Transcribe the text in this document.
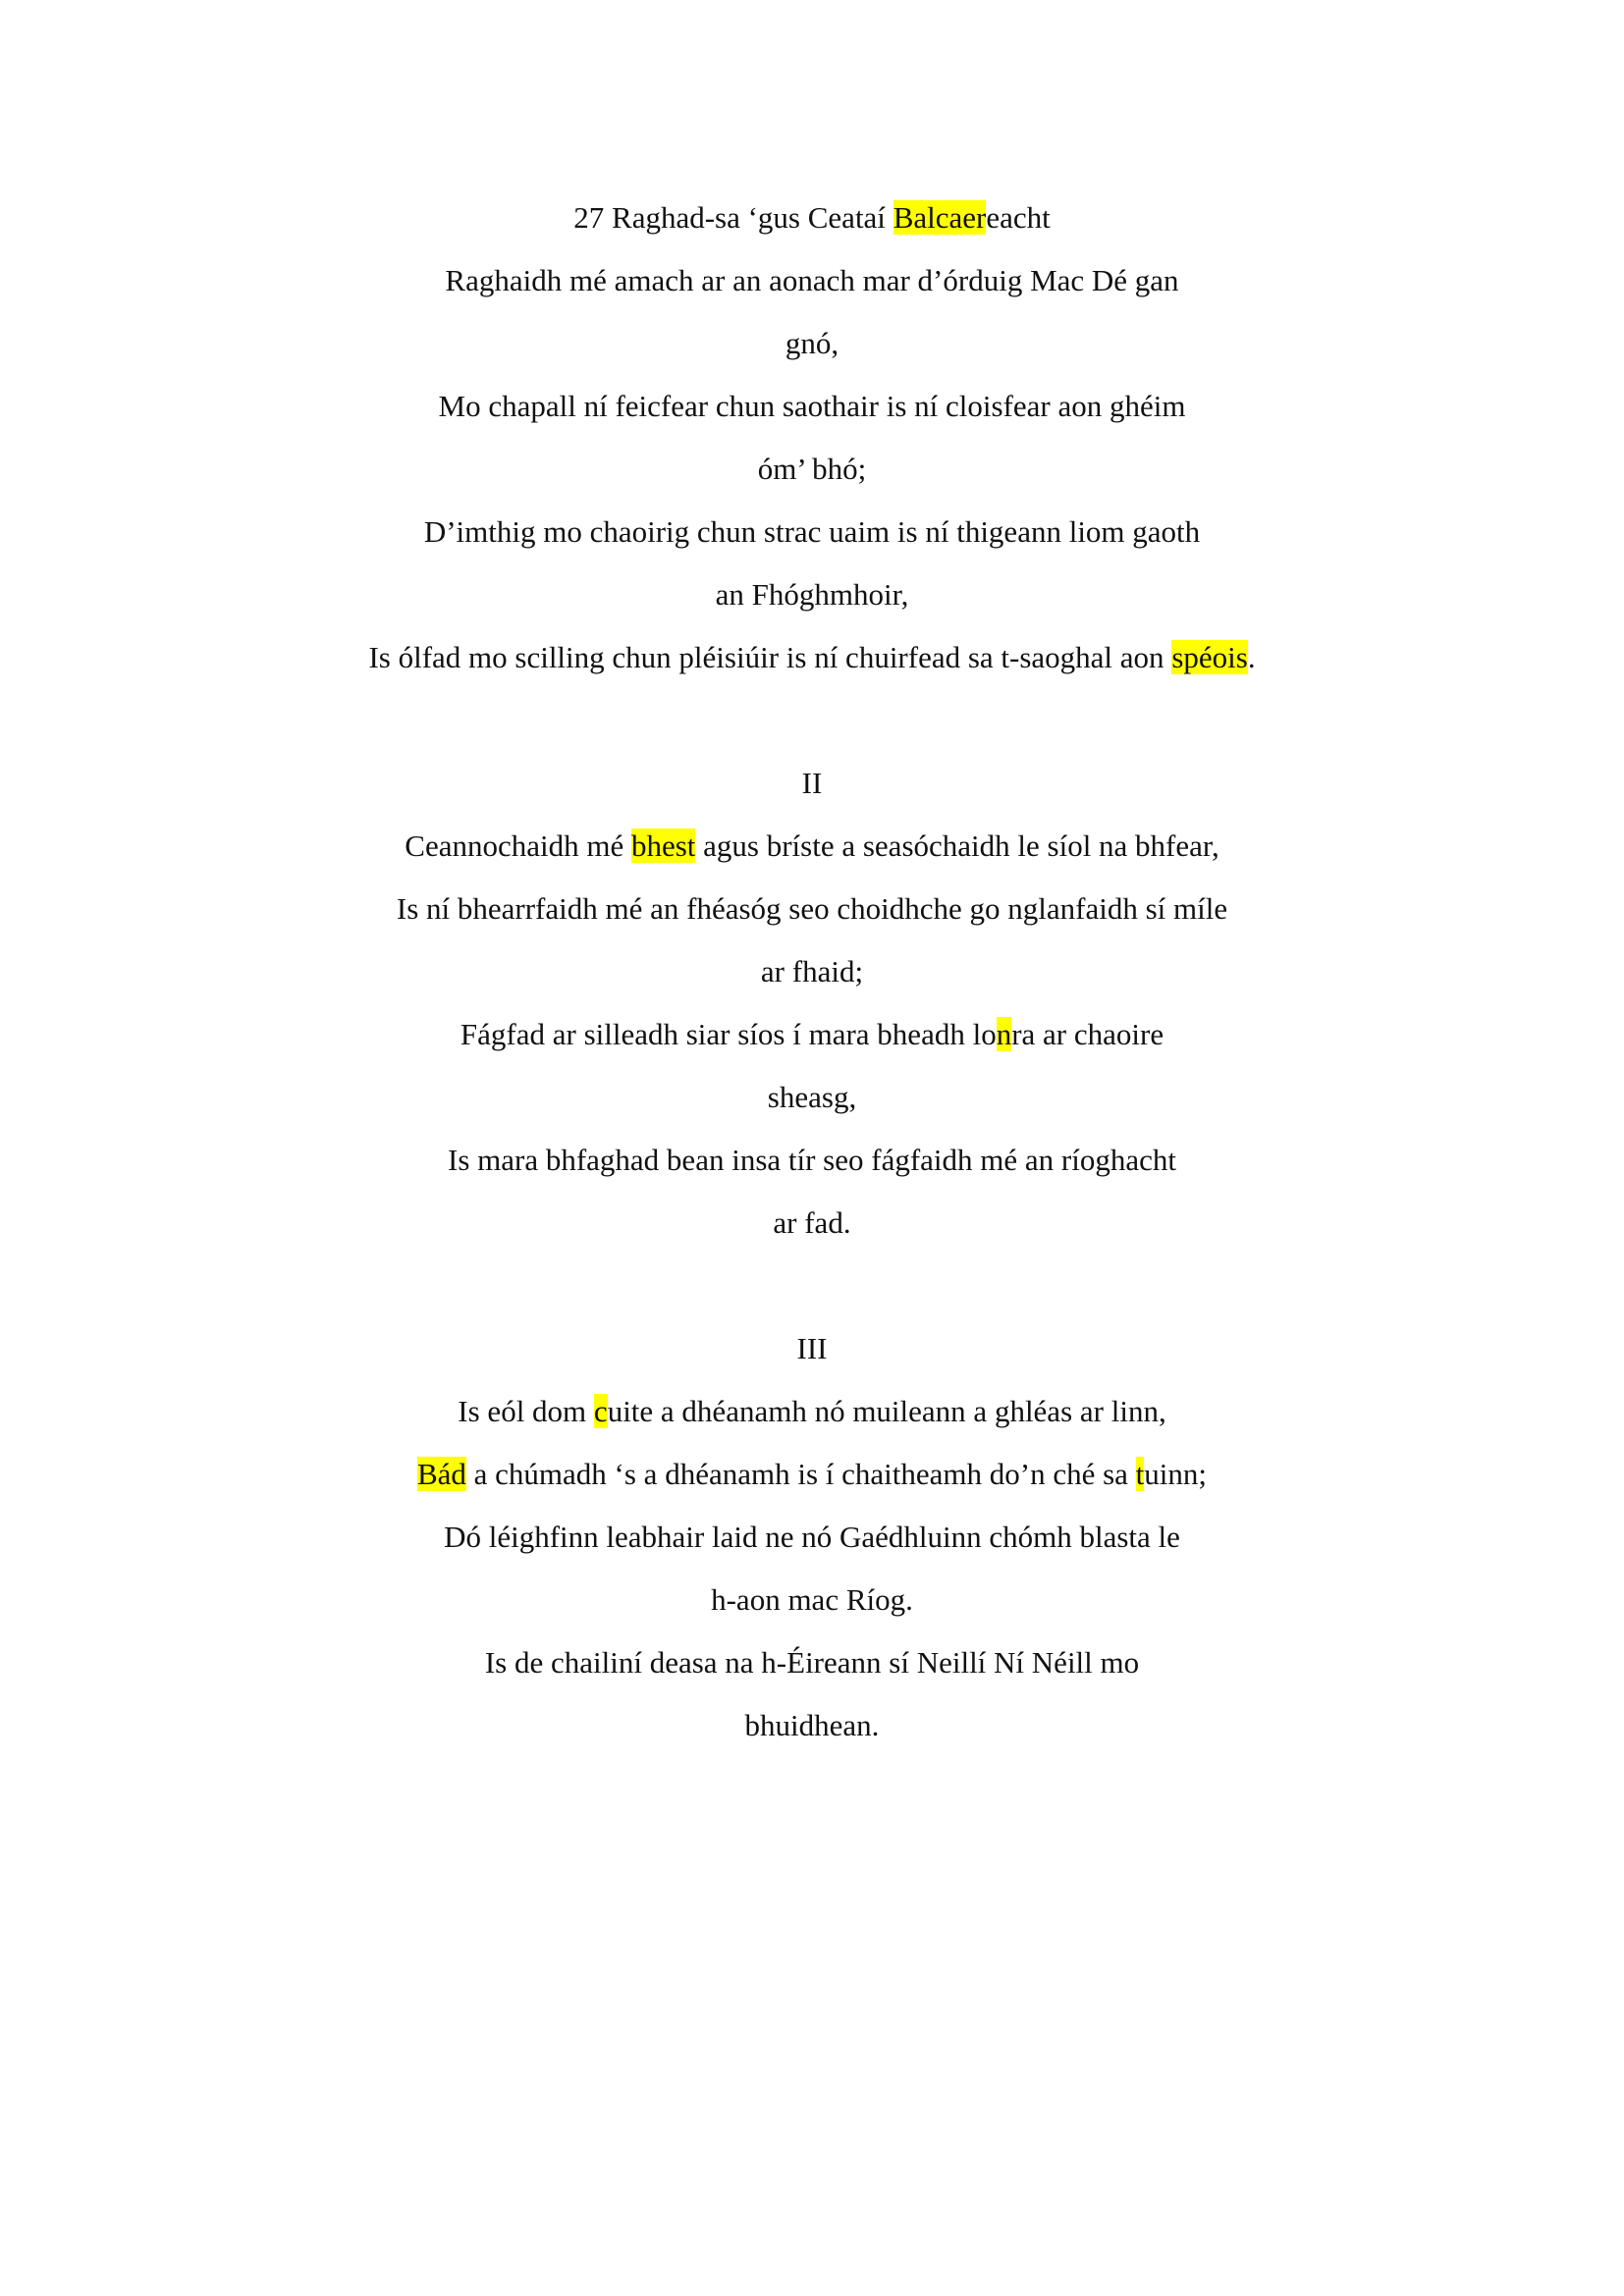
27 Raghad-sa ‘gus Ceataí Balcaereacht
Raghaidh mé amach ar an aonach mar d’órduig Mac Dé gan
gnó,
Mo chapall ní feicfear chun saothair is ní cloisfear aon ghéim
óm’ bhó;
D’imthig mo chaoirig chun strac uaim is ní thigeann liom gaoth
an Fhóghmhoir,
Is ólfad mo scilling chun pléisiúir is ní chuirfead sa t-saoghal aon spéois.
II
Ceannochaidh mé bhest agus bríste a seasóchaidh le síol na bhfear,
Is ní bhearrfaidh mé an fhéasóg seo choidhche go nglanfaidh sí míle
ar fhaid;
Fágfad ar silleadh siar síos í mara bheadh lonra ar chaoire
sheasg,
Is mara bhfaghad bean insa tír seo fágfaidh mé an ríoghacht
ar fad.
III
Is eól dom cuite a dhéanamh nó muileann a ghléas ar linn,
Bád a chúmadh ‘s a dhéanamh is í chaitheamh do’n ché sa tuinn;
Dó léighfinn leabhair laid ne nó Gaédhluinn chómh blasta le
h-aon mac Ríog.
Is de chailiní deasa na h-Éireann sí Neillí Ní Néill mo
bhuidhean.
